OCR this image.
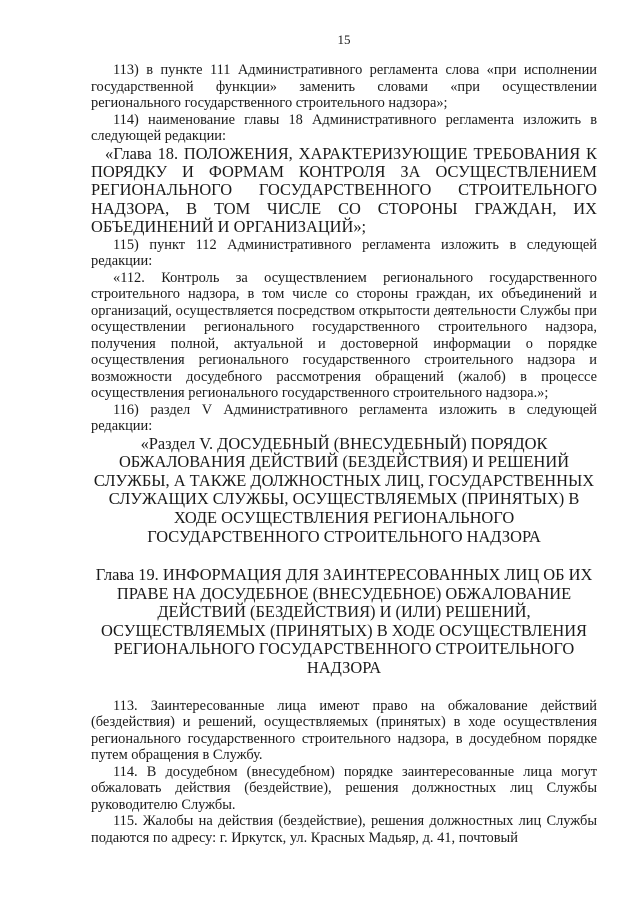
15

113) в пункте 111 Административного регламента слова «при исполнении государственной функции» заменить словами «при осуществлении регионального государственного строительного надзора»;

114) наименование главы 18 Административного регламента изложить в следующей редакции:

«Глава 18. ПОЛОЖЕНИЯ, ХАРАКТЕРИЗУЮЩИЕ ТРЕБОВАНИЯ К ПОРЯДКУ И ФОРМАМ КОНТРОЛЯ ЗА ОСУЩЕСТВЛЕНИЕМ РЕГИОНАЛЬНОГО ГОСУДАРСТВЕННОГО СТРОИТЕЛЬНОГО НАДЗОРА, В ТОМ ЧИСЛЕ СО СТОРОНЫ ГРАЖДАН, ИХ ОБЪЕДИНЕНИЙ И ОРГАНИЗАЦИЙ»;

115) пункт 112 Административного регламента изложить в следующей редакции:

«112. Контроль за осуществлением регионального государственного строительного надзора, в том числе со стороны граждан, их объединений и организаций, осуществляется посредством открытости деятельности Службы при осуществлении регионального государственного строительного надзора, получения полной, актуальной и достоверной информации о порядке осуществления регионального государственного строительного надзора и возможности досудебного рассмотрения обращений (жалоб) в процессе осуществления регионального государственного строительного надзора.»;

116) раздел V Административного регламента изложить в следующей редакции:

«Раздел V. ДОСУДЕБНЫЙ (ВНЕСУДЕБНЫЙ) ПОРЯДОК ОБЖАЛОВАНИЯ ДЕЙСТВИЙ (БЕЗДЕЙСТВИЯ) И РЕШЕНИЙ СЛУЖБЫ, А ТАКЖЕ ДОЛЖНОСТНЫХ ЛИЦ, ГОСУДАРСТВЕННЫХ СЛУЖАЩИХ СЛУЖБЫ, ОСУЩЕСТВЛЯЕМЫХ (ПРИНЯТЫХ) В ХОДЕ ОСУЩЕСТВЛЕНИЯ РЕГИОНАЛЬНОГО ГОСУДАРСТВЕННОГО СТРОИТЕЛЬНОГО НАДЗОРА

Глава 19. ИНФОРМАЦИЯ ДЛЯ ЗАИНТЕРЕСОВАННЫХ ЛИЦ ОБ ИХ ПРАВЕ НА ДОСУДЕБНОЕ (ВНЕСУДЕБНОЕ) ОБЖАЛОВАНИЕ ДЕЙСТВИЙ (БЕЗДЕЙСТВИЯ) И (ИЛИ) РЕШЕНИЙ, ОСУЩЕСТВЛЯЕМЫХ (ПРИНЯТЫХ) В ХОДЕ ОСУЩЕСТВЛЕНИЯ РЕГИОНАЛЬНОГО ГОСУДАРСТВЕННОГО СТРОИТЕЛЬНОГО НАДЗОРА

113. Заинтересованные лица имеют право на обжалование действий (бездействия) и решений, осуществляемых (принятых) в ходе осуществления регионального государственного строительного надзора, в досудебном порядке путем обращения в Службу.

114. В досудебном (внесудебном) порядке заинтересованные лица могут обжаловать действия (бездействие), решения должностных лиц Службы руководителю Службы.

115. Жалобы на действия (бездействие), решения должностных лиц Службы подаются по адресу: г. Иркутск, ул. Красных Мадьяр, д. 41, почтовый
